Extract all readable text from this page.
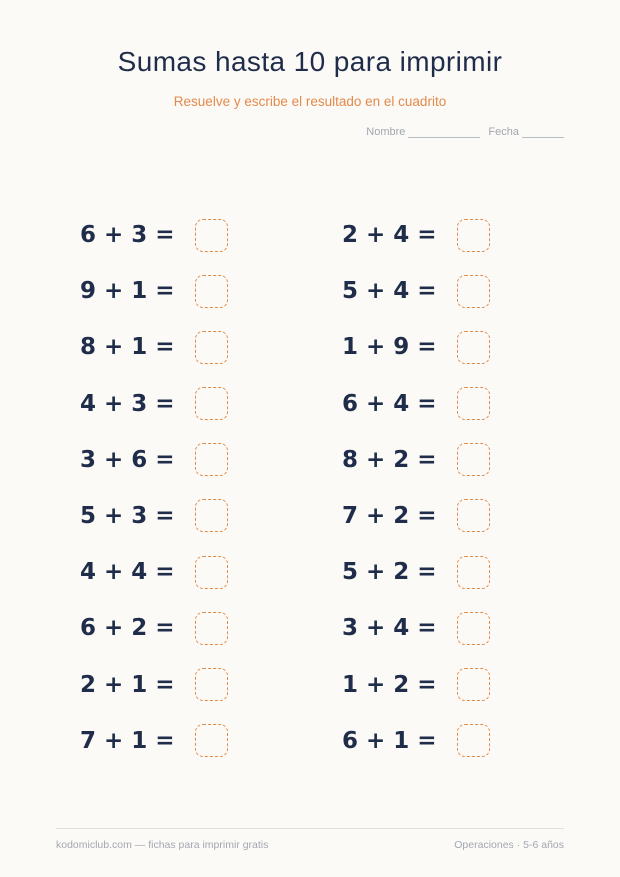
Sumas hasta 10 para imprimir

Resuelve y escribe el resultado en el cuadrito

Nombre	Fecha
6 + 3 =	2 + 4 =
9 + 1 =	5 + 4 =
8 + 1 =	1 + 9 =
4 + 3 =	6 + 4 =
3 + 6 =	8 + 2 =
5 + 3 =	7 + 2 =
4 + 4 =	5 + 2 =
6 + 2 =	3 + 4 =
2 + 1 =	1 + 2 =
7 + 1 =	6 + 1 =
kodomiclub.com — fichas para imprimir gratis	Operaciones · 5-6 años
